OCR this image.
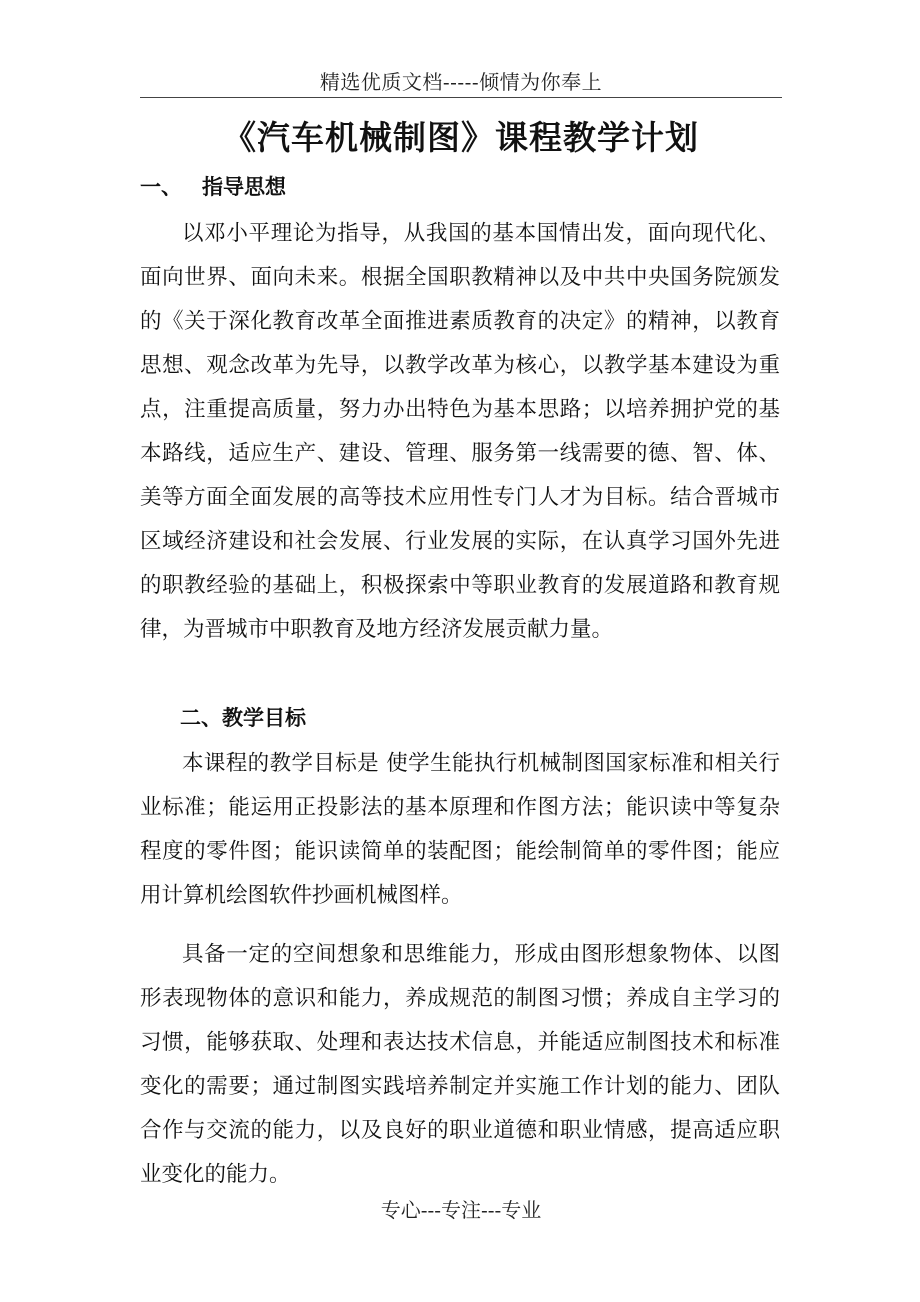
精选优质文档-----倾情为你奉上
《汽车机械制图》课程教学计划
一、 指导思想

以邓小平理论为指导，从我国的基本国情出发，面向现代化、面向世界、面向未来。根据全国职教精神以及中共中央国务院颁发的《关于深化教育改革全面推进素质教育的决定》的精神，以教育思想、观念改革为先导，以教学改革为核心，以教学基本建设为重点，注重提高质量，努力办出特色为基本思路；以培养拥护党的基本路线，适应生产、建设、管理、服务第一线需要的德、智、体、美等方面全面发展的高等技术应用性专门人才为目标。结合晋城市区域经济建设和社会发展、行业发展的实际，在认真学习国外先进的职教经验的基础上，积极探索中等职业教育的发展道路和教育规律，为晋城市中职教育及地方经济发展贡献力量。

二、教学目标

本课程的教学目标是 使学生能执行机械制图国家标准和相关行业标准；能运用正投影法的基本原理和作图方法；能识读中等复杂程度的零件图；能识读简单的装配图；能绘制简单的零件图；能应用计算机绘图软件抄画机械图样。

具备一定的空间想象和思维能力，形成由图形想象物体、以图形表现物体的意识和能力，养成规范的制图习惯；养成自主学习的习惯，能够获取、处理和表达技术信息，并能适应制图技术和标准变化的需要；通过制图实践培养制定并实施工作计划的能力、团队合作与交流的能力，以及良好的职业道德和职业情感，提高适应职业变化的能力。

专心---专注---专业
